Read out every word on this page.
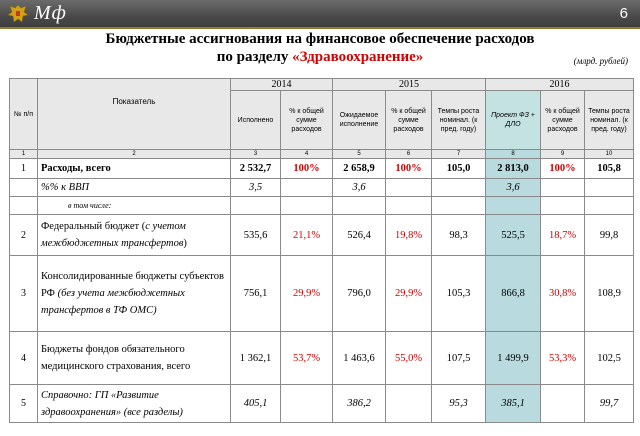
Мф	6
Бюджетные ассигнования на финансовое обеспечение расходов
по разделу «Здравоохранение»	(млрд. рублей)
№ п/п	Показатель	2014		2015			2016		
		Исполнено	% к общей сумме расходов	Ожидаемое исполнение	% к общей сумме расходов	Темпы роста номинал. (к пред. году)	Проект ФЗ + ДЛО	% к общей сумме расходов	Темпы роста номинал. (к пред. году)
1	2	3	4	5	6	7	8	9	10
1	Расходы, всего	2 532,7	100%	2 658,9	100%	105,0	2 813,0	100%	105,8
	%% к ВВП	3,5		3,6			3,6		
	в том числе:								
2	Федеральный бюджет (с учетом межбюджетных трансфертов)	535,6	21,1%	526,4	19,8%	98,3	525,5	18,7%	99,8
3	Консолидированные бюджеты субъектов РФ (без учета межбюджетных трансфертов в ТФ ОМС)	756,1	29,9%	796,0	29,9%	105,3	866,8	30,8%	108,9
4	Бюджеты фондов обязательного медицинского страхования, всего	1 362,1	53,7%	1 463,6	55,0%	107,5	1 499,9	53,3%	102,5
5	Справочно: ГП «Развитие здравоохранения» (все разделы)	405,1		386,2		95,3	385,1		99,7
